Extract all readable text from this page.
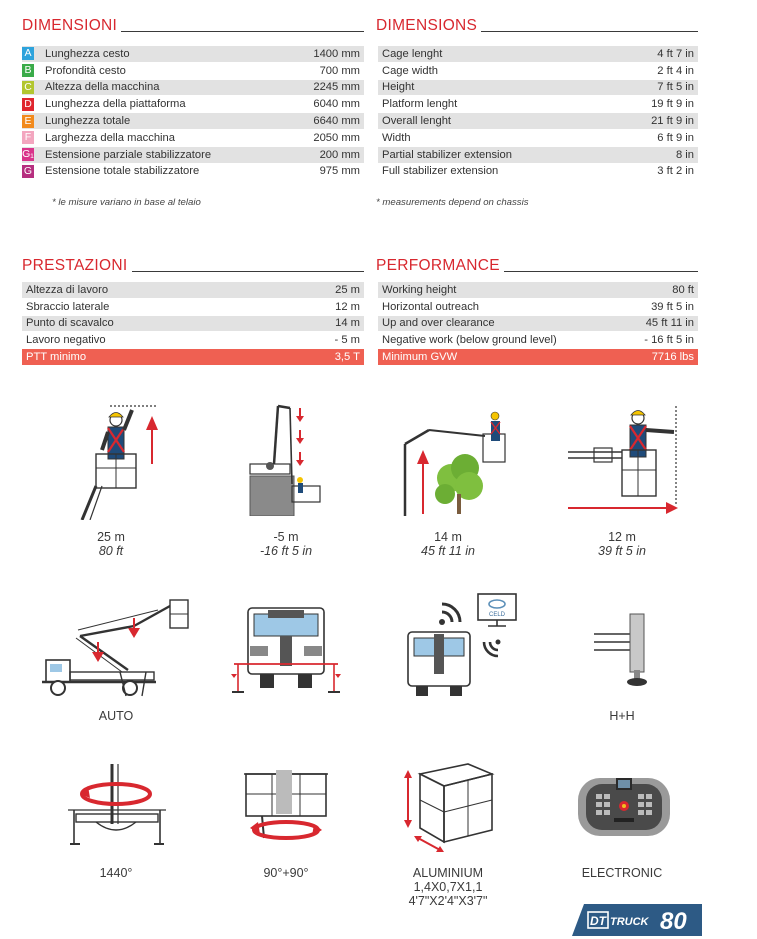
DIMENSIONI
A Lunghezza cesto	1400 mm
B Profondità cesto	700 mm
C Altezza della macchina	2245 mm
D Lunghezza della piattaforma	6040 mm
E Lunghezza totale	6640 mm
F Larghezza della macchina	2050 mm
G₁ Estensione parziale stabilizzatore	200 mm
G Estensione totale stabilizzatore	975 mm
* le misure variano in base al telaio
DIMENSIONS
Cage lenght	4 ft 7 in
Cage width	2 ft 4 in
Height	7 ft 5 in
Platform lenght	19 ft 9 in
Overall lenght	21 ft 9 in
Width	6 ft 9 in
Partial stabilizer extension	8 in
Full stabilizer extension	3 ft 2 in
* measurements depend on chassis
PRESTAZIONI
Altezza di lavoro	25 m
Sbraccio laterale	12 m
Punto di scavalco	14 m
Lavoro negativo	- 5 m
PTT minimo	3,5 T
PERFORMANCE
Working height	80 ft
Horizontal outreach	39 ft 5 in
Up and over clearance	45 ft 11 in
Negative work (below ground level)	- 16 ft 5 in
Minimum GVW	7716 lbs
25 m
80 ft
-5 m
-16 ft 5 in
14 m
45 ft 11 in
12 m
39 ft 5 in
AUTO
CELD
H+H
1440°	90°+90°	ALUMINIUM
1,4X0,7X1,1
4'7"X2'4"X3'7"
ELECTRONIC
DT TRUCK 80
